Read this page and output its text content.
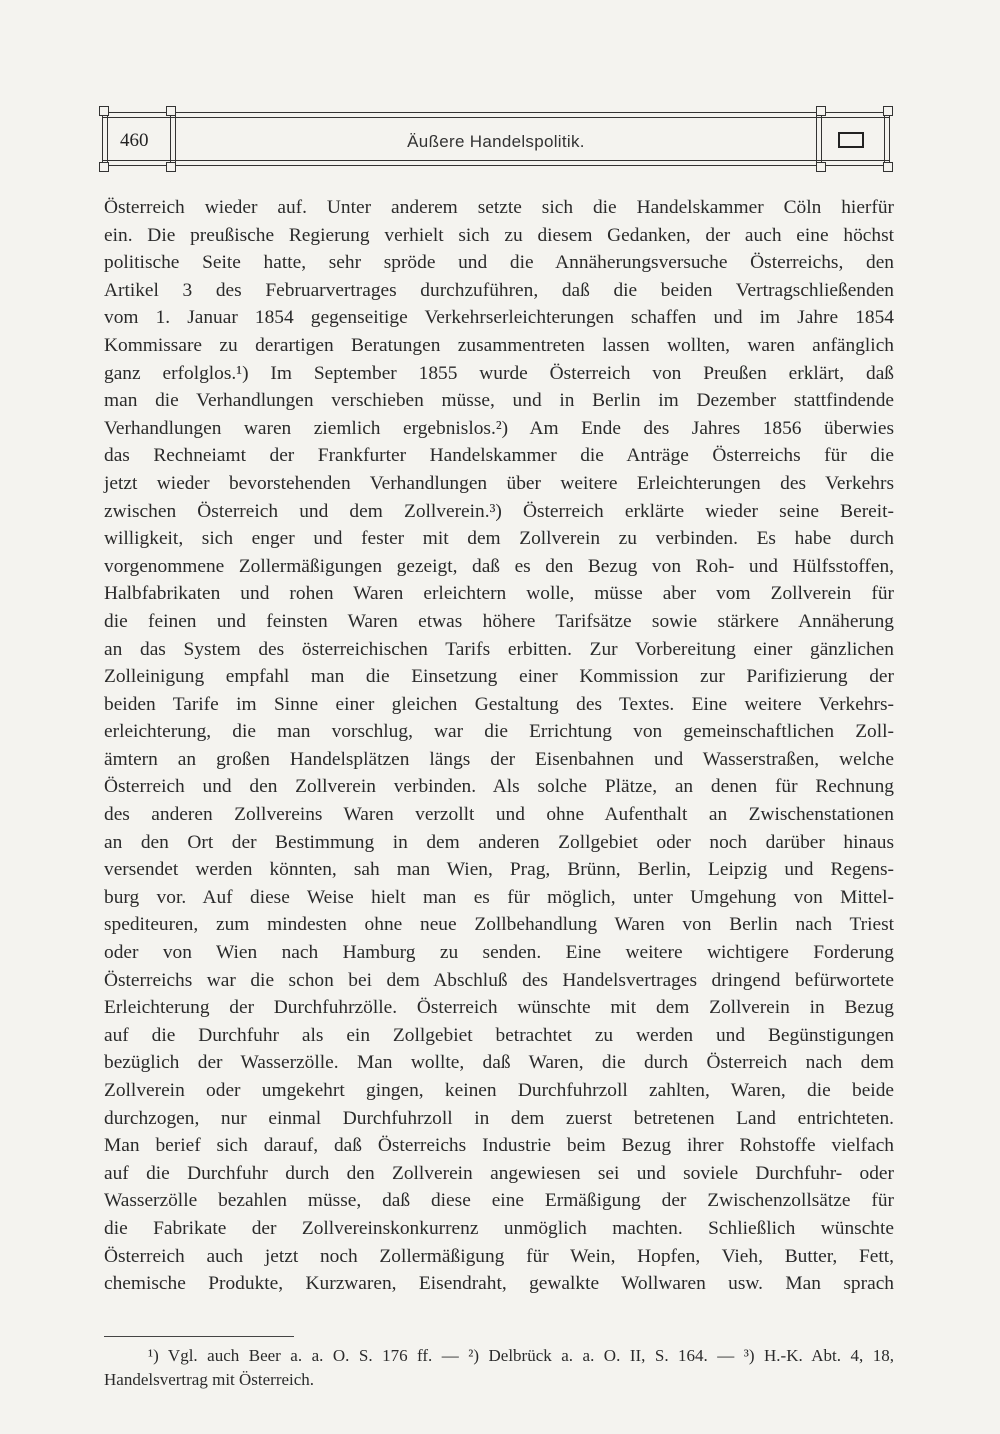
460	Äußere Handelspolitik.
Österreich wieder auf. Unter anderem setzte sich die Handelskammer Cöln hierfür
ein. Die preußische Regierung verhielt sich zu diesem Gedanken, der auch eine höchst
politische Seite hatte, sehr spröde und die Annäherungsversuche Österreichs, den
Artikel 3 des Februarvertrages durchzuführen, daß die beiden Vertragschließenden
vom 1. Januar 1854 gegenseitige Verkehrserleichterungen schaffen und im Jahre 1854
Kommissare zu derartigen Beratungen zusammentreten lassen wollten, waren anfänglich
ganz erfolglos.¹) Im September 1855 wurde Österreich von Preußen erklärt, daß
man die Verhandlungen verschieben müsse, und in Berlin im Dezember stattfindende
Verhandlungen waren ziemlich ergebnislos.²) Am Ende des Jahres 1856 überwies
das Rechneiamt der Frankfurter Handelskammer die Anträge Österreichs für die
jetzt wieder bevorstehenden Verhandlungen über weitere Erleichterungen des Verkehrs
zwischen Österreich und dem Zollverein.³) Österreich erklärte wieder seine Bereit-
willigkeit, sich enger und fester mit dem Zollverein zu verbinden. Es habe durch
vorgenommene Zollermäßigungen gezeigt, daß es den Bezug von Roh- und Hülfsstoffen,
Halbfabrikaten und rohen Waren erleichtern wolle, müsse aber vom Zollverein für
die feinen und feinsten Waren etwas höhere Tarifsätze sowie stärkere Annäherung
an das System des österreichischen Tarifs erbitten. Zur Vorbereitung einer gänzlichen
Zolleinigung empfahl man die Einsetzung einer Kommission zur Parifizierung der
beiden Tarife im Sinne einer gleichen Gestaltung des Textes. Eine weitere Verkehrs-
erleichterung, die man vorschlug, war die Errichtung von gemeinschaftlichen Zoll-
ämtern an großen Handelsplätzen längs der Eisenbahnen und Wasserstraßen, welche
Österreich und den Zollverein verbinden. Als solche Plätze, an denen für Rechnung
des anderen Zollvereins Waren verzollt und ohne Aufenthalt an Zwischenstationen
an den Ort der Bestimmung in dem anderen Zollgebiet oder noch darüber hinaus
versendet werden könnten, sah man Wien, Prag, Brünn, Berlin, Leipzig und Regens-
burg vor. Auf diese Weise hielt man es für möglich, unter Umgehung von Mittel-
spediteuren, zum mindesten ohne neue Zollbehandlung Waren von Berlin nach Triest
oder von Wien nach Hamburg zu senden. Eine weitere wichtigere Forderung
Österreichs war die schon bei dem Abschluß des Handelsvertrages dringend befürwortete
Erleichterung der Durchfuhrzölle. Österreich wünschte mit dem Zollverein in Bezug
auf die Durchfuhr als ein Zollgebiet betrachtet zu werden und Begünstigungen
bezüglich der Wasserzölle. Man wollte, daß Waren, die durch Österreich nach dem
Zollverein oder umgekehrt gingen, keinen Durchfuhrzoll zahlten, Waren, die beide
durchzogen, nur einmal Durchfuhrzoll in dem zuerst betretenen Land entrichteten.
Man berief sich darauf, daß Österreichs Industrie beim Bezug ihrer Rohstoffe vielfach
auf die Durchfuhr durch den Zollverein angewiesen sei und soviele Durchfuhr- oder
Wasserzölle bezahlen müsse, daß diese eine Ermäßigung der Zwischenzollsätze für
die Fabrikate der Zollvereinskonkurrenz unmöglich machten. Schließlich wünschte
Österreich auch jetzt noch Zollermäßigung für Wein, Hopfen, Vieh, Butter, Fett,
chemische Produkte, Kurzwaren, Eisendraht, gewalkte Wollwaren usw. Man sprach
¹) Vgl. auch Beer a. a. O. S. 176 ff. — ²) Delbrück a. a. O. II, S. 164. — ³) H.-K. Abt. 4, 18,
Handelsvertrag mit Österreich.
